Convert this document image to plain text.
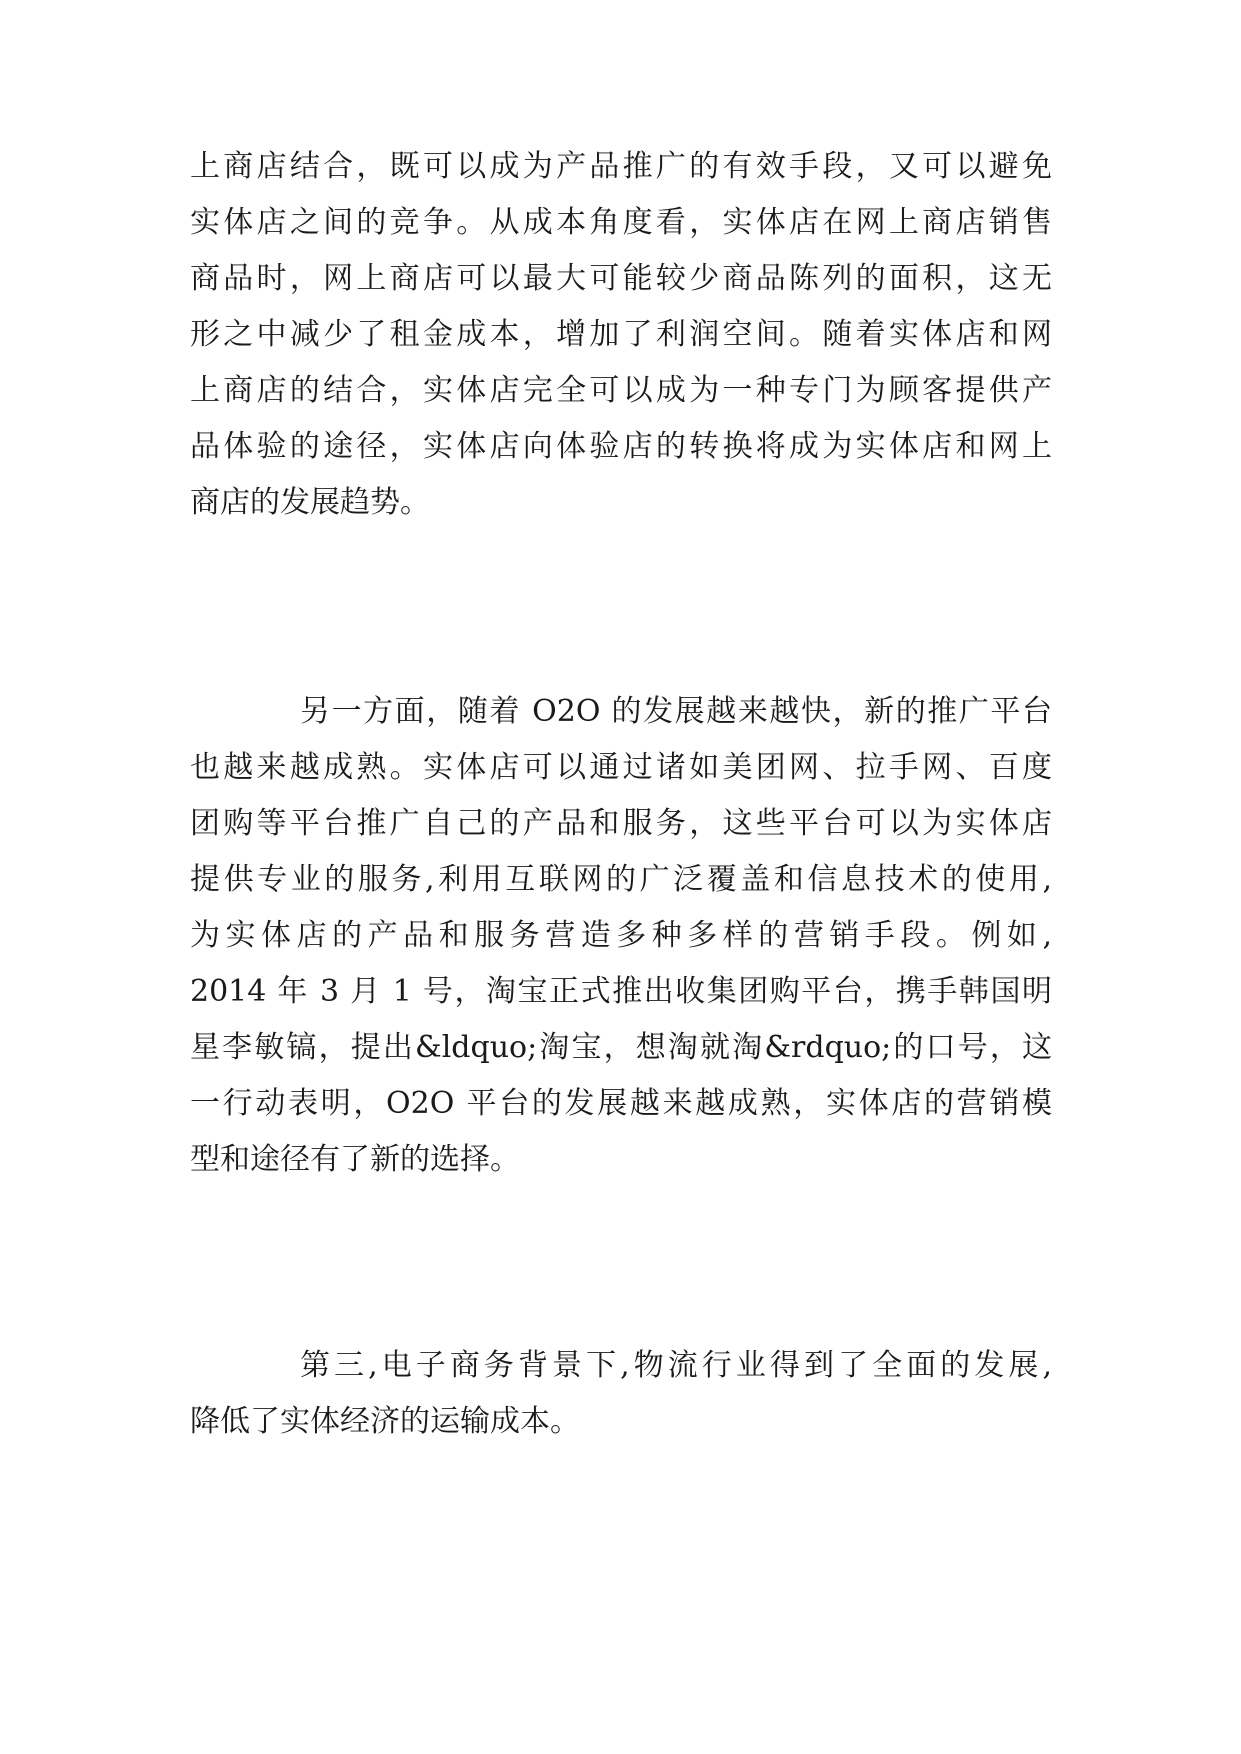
上商店结合，既可以成为产品推广的有效手段，又可以避免
实体店之间的竞争。从成本角度看，实体店在网上商店销售
商品时，网上商店可以最大可能较少商品陈列的面积，这无
形之中减少了租金成本，增加了利润空间。随着实体店和网
上商店的结合，实体店完全可以成为一种专门为顾客提供产
品体验的途径，实体店向体验店的转换将成为实体店和网上
商店的发展趋势。
另一方面，随着 O2O 的发展越来越快，新的推广平台
也越来越成熟。实体店可以通过诸如美团网、拉手网、百度
团购等平台推广自己的产品和服务，这些平台可以为实体店
提供专业的服务,利用互联网的广泛覆盖和信息技术的使用,
为实体店的产品和服务营造多种多样的营销手段。例如,
2014 年 3 月 1 号，淘宝正式推出收集团购平台，携手韩国明
星李敏镐，提出&ldquo;淘宝，想淘就淘&rdquo;的口号，这
一行动表明，O2O 平台的发展越来越成熟，实体店的营销模
型和途径有了新的选择。
第三,电子商务背景下,物流行业得到了全面的发展,
降低了实体经济的运输成本。
